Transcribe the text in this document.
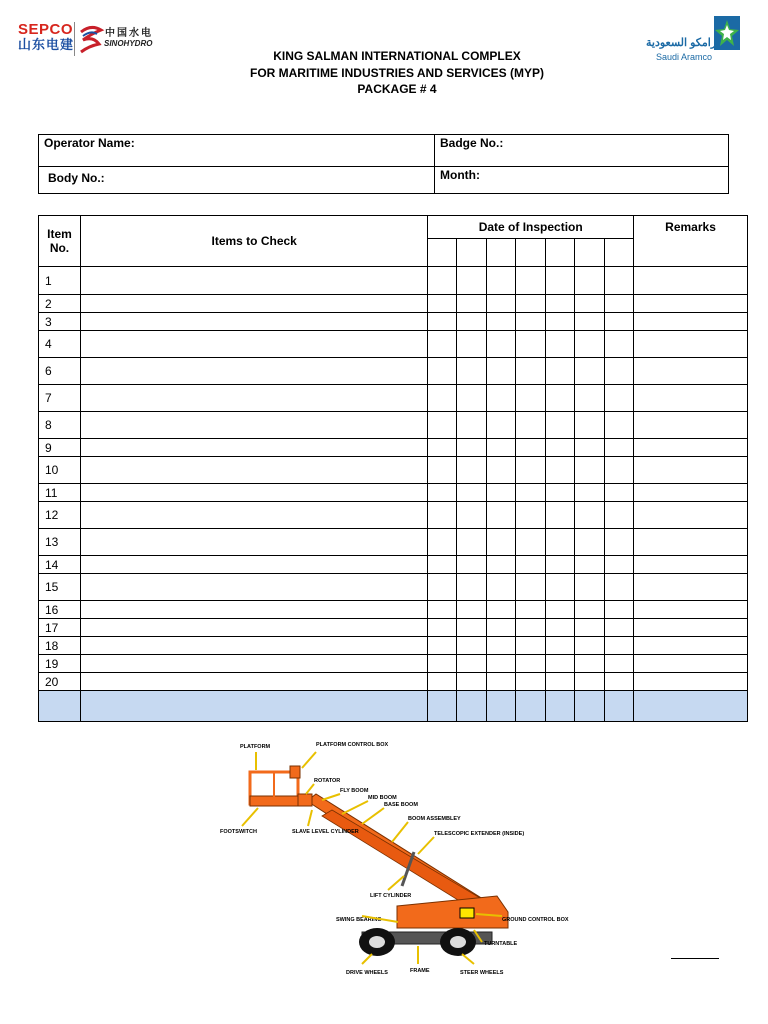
SEPCO
山东电建
中国水电
SINOHYDRO	أرامكو السعودية
Saudi Aramco
KING SALMAN INTERNATIONAL COMPLEX
FOR MARITIME INDUSTRIES AND SERVICES (MYP)
PACKAGE # 4
Operator Name:	Badge No.:
Body No.:	Month:
Item No.	Items to Check	Date of Inspection							Remarks

1									
2									
3									
4									
6									
7									
8									
9									
10									
11									
12									
13									
14									
15									
16									
17									
18									
19									
20									

PLATFORM	PLATFORM CONTROL BOX
ROTATOR
FLY BOOM
MID BOOM
BASE BOOM
BOOM ASSEMBLEY
TELESCOPIC EXTENDER (INSIDE)
FOOTSWITCH	SLAVE LEVEL CYLINDER
LIFT CYLINDER
SWING BEARING	GROUND CONTROL BOX
TURNTABLE
DRIVE WHEELS	FRAME	STEER WHEELS
